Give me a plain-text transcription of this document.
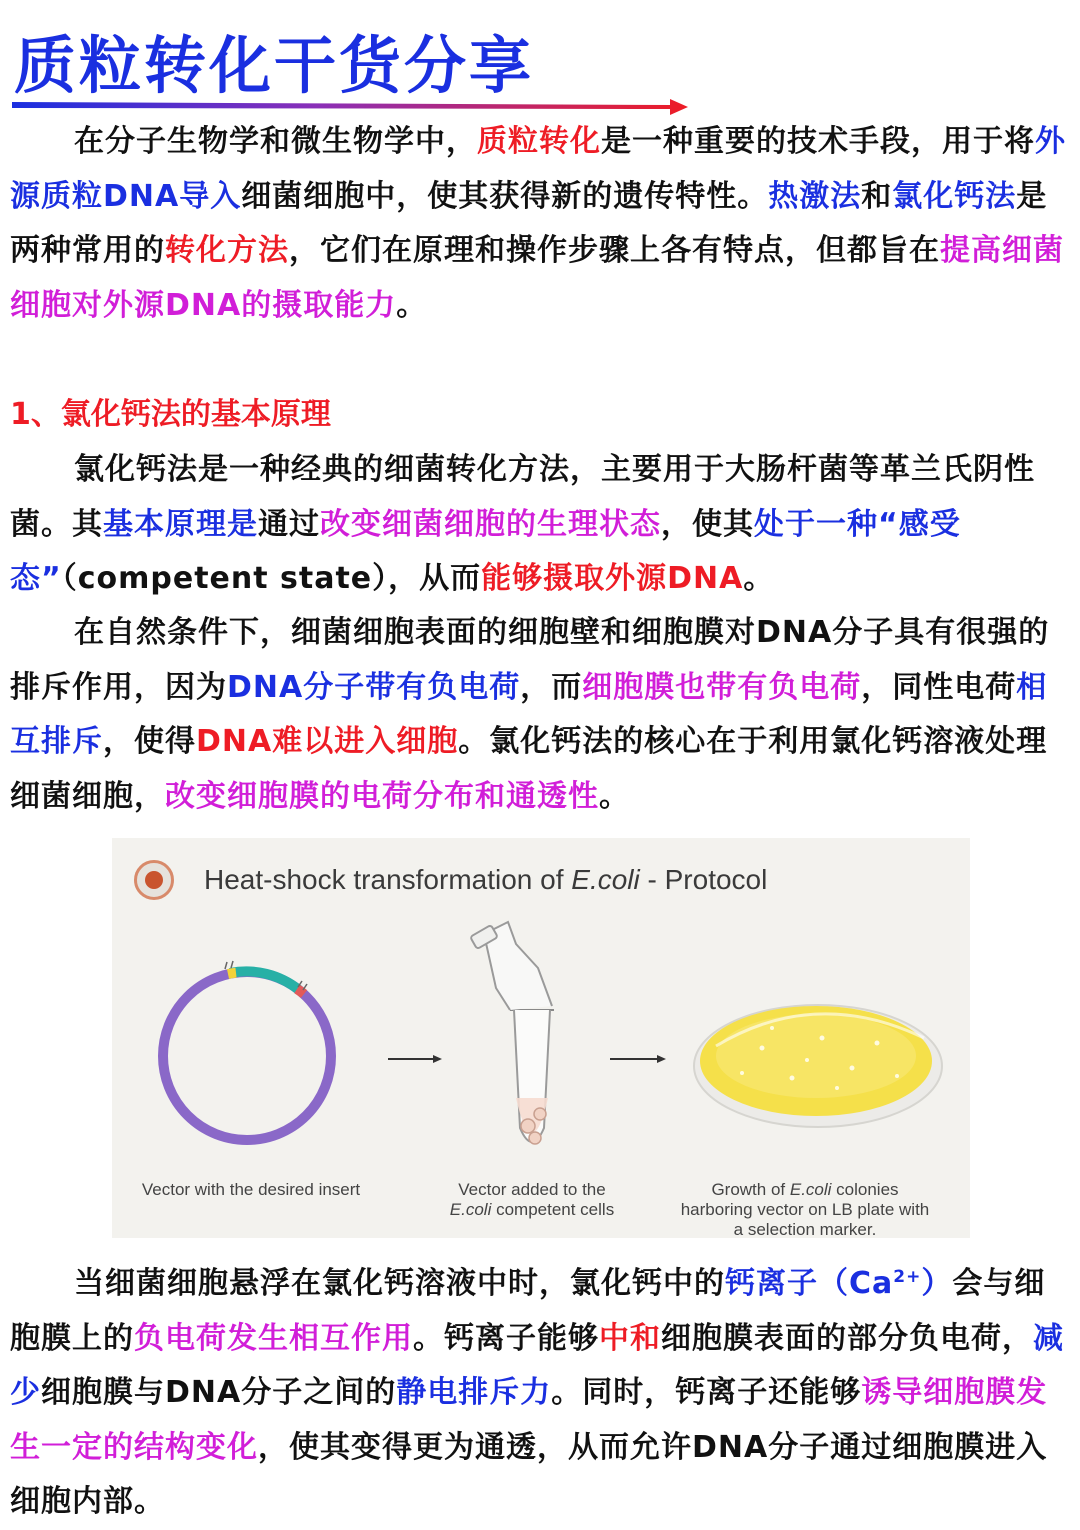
质粒转化干货分享

在分子生物学和微生物学中，质粒转化是一种重要的技术手段，用于将外源质粒DNA导入细菌细胞中，使其获得新的遗传特性。热激法和氯化钙法是两种常用的转化方法，它们在原理和操作步骤上各有特点，但都旨在提高细菌细胞对外源DNA的摄取能力。

1、氯化钙法的基本原理

氯化钙法是一种经典的细菌转化方法，主要用于大肠杆菌等革兰氏阴性菌。其基本原理是通过改变细菌细胞的生理状态，使其处于一种“感受态”（competent state），从而能够摄取外源DNA。

在自然条件下，细菌细胞表面的细胞壁和细胞膜对DNA分子具有很强的排斥作用，因为DNA分子带有负电荷，而细胞膜也带有负电荷，同性电荷相互排斥，使得DNA难以进入细胞。氯化钙法的核心在于利用氯化钙溶液处理细菌细胞，改变细胞膜的电荷分布和通透性。

Heat-shock transformation of E.coli - Protocol

Vector with the desired insert	Vector added to the
E.coli competent cells

Growth of E.coli colonies
harboring vector on LB plate with
a selection marker.

当细菌细胞悬浮在氯化钙溶液中时，氯化钙中的钙离子$(Ca^{2+})$会与细胞膜上的负电荷发生相互作用。钙离子能够中和细胞膜表面的部分负电荷，减少细胞膜与DNA分子之间的静电排斥力。同时，钙离子还能够诱导细胞膜发生一定的结构变化，使其变得更为通透，从而允许DNA分子通过细胞膜进入细胞内部。
